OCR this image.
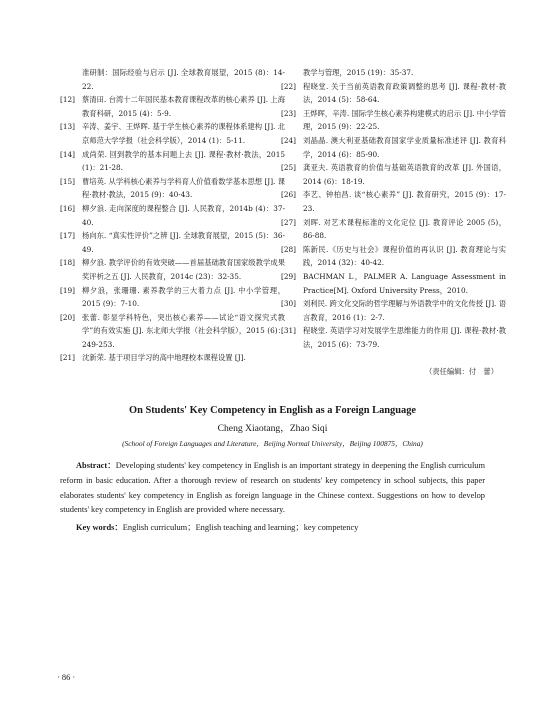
准研制：国际经验与启示 [J]. 全球教育展望，2015 (8)：14-22.
[12] 蔡清田. 台湾十二年国民基本教育课程改革的核心素养 [J]. 上海教育科研，2015 (4)：5-9.
[13] 辛涛、姜宇、王烨晖. 基于学生核心素养的课程体系建构 [J]. 北京师范大学学报（社会科学版），2014 (1)：5-11.
[14] 成尚荣. 回到教学的基本问题上去 [J]. 课程·教材·教法，2015 (1)：21-28.
[15] 曹培英. 从学科核心素养与学科育人价值看数学基本思想 [J]. 课程·教材·教法，2015 (9)：40-43.
[16] 柳夕浪. 走向深度的课程整合 [J]. 人民教育，2014b (4)：37-40.
[17] 杨向东. “真实性评价”之辨 [J]. 全球教育展望，2015 (5)：36-49.
[18] 柳夕浪. 教学评价的有效突破——首届基础教育国家级教学成果奖评析之五 [J]. 人民教育，2014c (23)：32-35.
[19] 柳夕浪，张珊珊. 素养教学的三大着力点 [J]. 中小学管理，2015 (9)：7-10.
[20] 张蕾. 彰显学科特色，突出核心素养——试论“语文探究式教学”的有效实施 [J]. 东北师大学报（社会科学版），2015 (6)：249-253.
[21] 沈新荣. 基于项目学习的高中地理校本课程设置 [J].
教学与管理，2015 (19)：35-37.
[22] 程晓堂. 关于当前英语教育政策调整的思考 [J]. 课程·教材·教法，2014 (5)：58-64.
[23] 王烨晖，辛涛. 国际学生核心素养构建模式的启示 [J]. 中小学管理，2015 (9)：22-25.
[24] 刘晶晶. 澳大利亚基础教育国家学业质量标准述评 [J]. 教育科学，2014 (6)：85-90.
[25] 龚亚夫. 英语教育的价值与基础英语教育的改革 [J]. 外国语，2014 (6)：18-19.
[26] 李艺、钟柏昌. 谈“核心素养” [J]. 教育研究，2015 (9)：17-23.
[27] 刘晖. 对艺术课程标准的文化定位 [J]. 教育评论 2005 (5)，86-88.
[28] 陈新民.《历史与社会》课程价值的再认识 [J]. 教育理论与实践，2014 (32)：40-42.
[29] BACHMAN L，PALMER A. Language Assessment in Practice[M]. Oxford University Press，2010.
[30] 刘利民. 跨文化交际的哲学理解与外语教学中的文化传授 [J]. 语言教育，2016 (1)：2-7.
[31] 程晓堂. 英语学习对发展学生思维能力的作用 [J]. 课程·教材·教法，2015 (6)：73-79.
（责任编辑：付　蕾）
On Students' Key Competency in English as a Foreign Language
Cheng Xiaotang，Zhao Siqi
(School of Foreign Languages and Literature，Beijing Normal University，Beijing 100875，China)
Abstract：Developing students' key competency in English is an important strategy in deepening the English curriculum reform in basic education. After a thorough review of research on students' key competency in school subjects, this paper elaborates students' key competency in English as foreign language in the Chinese context. Suggestions on how to develop students' key competency in English are provided where necessary.
Key words：English curriculum；English teaching and learning；key competency
· 86 ·
